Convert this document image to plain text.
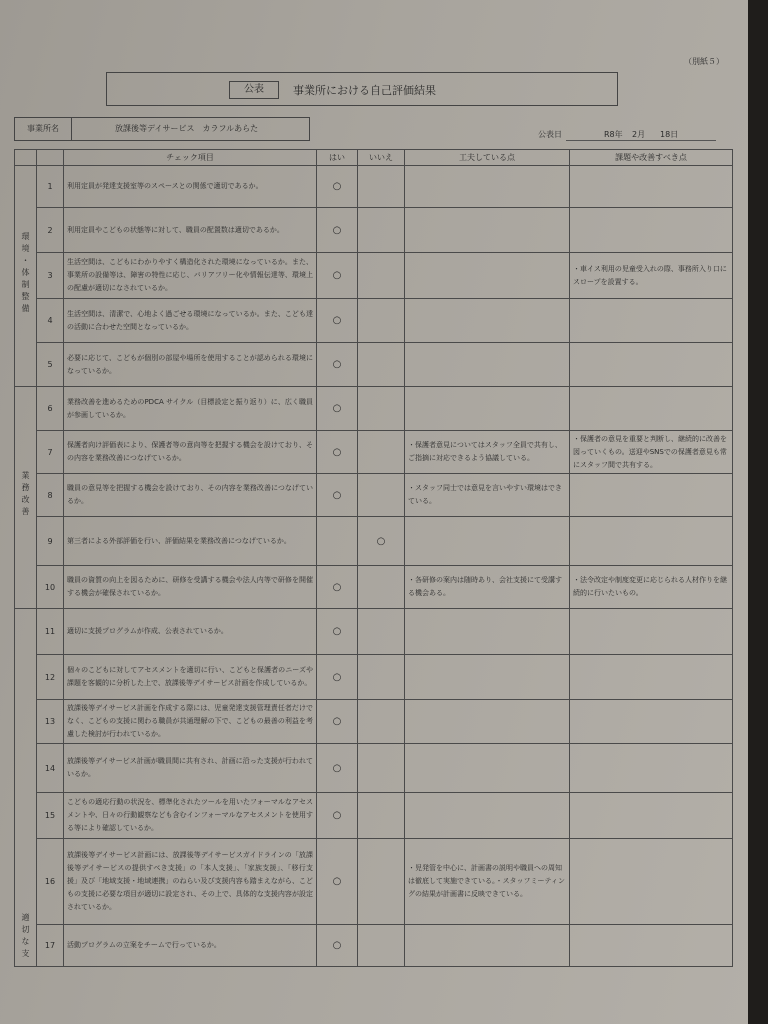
（別紙５）
公表	事業所における自己評価結果
事業所名	放課後等デイサービス　カラフルあらた
公表日	R8年 2月 18日
		チェック項目	はい	いいえ	工夫している点	課題や改善すべき点
環境・体制整備	1	利用定員が発達支援室等のスペースとの関係で適切であるか。	○			
	2	利用定員やこどもの状態等に対して、職員の配置数は適切であるか。	○			
	3	生活空間は、こどもにわかりやすく構造化された環境になっているか。また、事業所の設備等は、障害の特性に応じ、バリアフリー化や情報伝達等、環境上の配慮が適切になされているか。	○			・車イス利用の児童受入れの際、事務所入り口にスロープを設置する。
	4	生活空間は、清潔で、心地よく過ごせる環境になっているか。また、こども達の活動に合わせた空間となっているか。	○			
	5	必要に応じて、こどもが個別の部屋や場所を使用することが認められる環境になっているか。	○			
業務改善	6	業務改善を進めるためのPDCA サイクル（目標設定と振り返り）に、広く職員が参画しているか。	○			
	7	保護者向け評価表により、保護者等の意向等を把握する機会を設けており、その内容を業務改善につなげているか。	○		・保護者意見についてはスタッフ全員で共有し、ご指摘に対応できるよう協議している。	・保護者の意見を重要と判断し、継続的に改善を図っていくもの。送迎やSNSでの保護者意見も常にスタッフ間で共有する。
	8	職員の意見等を把握する機会を設けており、その内容を業務改善につなげているか。	○		・スタッフ同士では意見を言いやすい環境はできている。	
	9	第三者による外部評価を行い、評価結果を業務改善につなげているか。		○		
	10	職員の資質の向上を図るために、研修を受講する機会や法人内等で研修を開催する機会が確保されているか。	○		・各研修の案内は随時あり、会社支援にて受講する機会ある。	・法令改定や制度変更に応じられる人材作りを継続的に行いたいもの。
適切な支	11	適切に支援プログラムが作成、公表されているか。	○			
	12	個々のこどもに対してアセスメントを適切に行い、こどもと保護者のニーズや課題を客観的に分析した上で、放課後等デイサービス計画を作成しているか。	○			
	13	放課後等デイサービス計画を作成する際には、児童発達支援管理責任者だけでなく、こどもの支援に関わる職員が共通理解の下で、こどもの最善の利益を考慮した検討が行われているか。	○			
	14	放課後等デイサービス計画が職員間に共有され、計画に沿った支援が行われているか。	○			
	15	こどもの適応行動の状況を、標準化されたツールを用いたフォーマルなアセスメントや、日々の行動観察なども含むインフォーマルなアセスメントを使用する等により確認しているか。	○			
	16	放課後等デイサービス計画には、放課後等デイサービスガイドラインの「放課後等デイサービスの提供すべき支援」の「本人支援」、「家族支援」、「移行支援」及び「地域支援・地域連携」のねらい及び支援内容も踏まえながら、こどもの支援に必要な項目が適切に設定され、その上で、具体的な支援内容が設定されているか。	○		・児発管を中心に、計画書の説明や職員への周知は徹底して実施できている。・スタッフミーティングの結果が計画書に反映できている。	
	17	活動プログラムの立案をチームで行っているか。	○			
